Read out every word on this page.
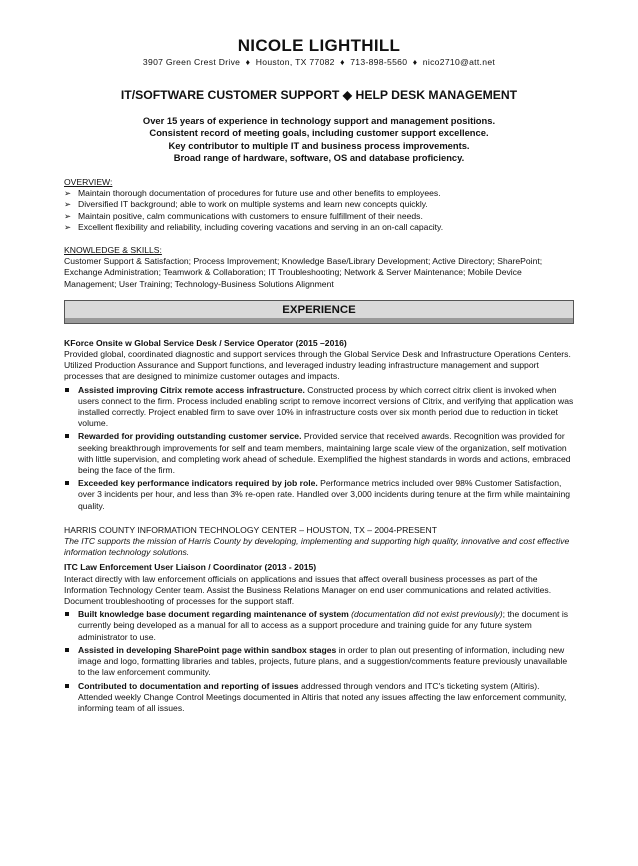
NICOLE LIGHTHILL
3907 Green Crest Drive ♦ Houston, TX 77082 ♦ 713-898-5560 ♦ nico2710@att.net
IT/SOFTWARE CUSTOMER SUPPORT ◆ HELP DESK MANAGEMENT
Over 15 years of experience in technology support and management positions.
Consistent record of meeting goals, including customer support excellence.
Key contributor to multiple IT and business process improvements.
Broad range of hardware, software, OS and database proficiency.
OVERVIEW:
➢ Maintain thorough documentation of procedures for future use and other benefits to employees.
➢ Diversified IT background; able to work on multiple systems and learn new concepts quickly.
➢ Maintain positive, calm communications with customers to ensure fulfillment of their needs.
➢ Excellent flexibility and reliability, including covering vacations and serving in an on-call capacity.
KNOWLEDGE & SKILLS:
Customer Support & Satisfaction; Process Improvement; Knowledge Base/Library Development; Active Directory; SharePoint; Exchange Administration; Teamwork & Collaboration; IT Troubleshooting; Network & Server Maintenance; Mobile Device Management; User Training; Technology-Business Solutions Alignment
EXPERIENCE
KForce Onsite w Global Service Desk / Service Operator (2015 –2016)

Provided global, coordinated diagnostic and support services through the Global Service Desk and Infrastructure Operations Centers. Utilized Production Assurance and Support functions, and leveraged industry leading infrastructure management and support processes that are designed to minimize customer outages and impacts.

Assisted improving Citrix remote access infrastructure. Constructed process by which correct citrix client is invoked when users connect to the firm. Process included enabling script to remove incorrect versions of Citrix, and verifying that application was installed correctly. Project enabled firm to save over 10% in infrastructure costs over six month period due to reduction in ticket volume.
Rewarded for providing outstanding customer service. Provided service that received awards. Recognition was provided for seeking breakthrough improvements for self and team members, maintaining large scale view of the organization, self motivation with little supervision, and completing work ahead of schedule. Exemplified the highest standards in words and actions, embraced being the face of the firm.
Exceeded key performance indicators required by job role. Performance metrics included over 98% Customer Satisfaction, over 3 incidents per hour, and less than 3% re-open rate. Handled over 3,000 incidents during tenure at the firm while maintaining quality.
HARRIS COUNTY INFORMATION TECHNOLOGY CENTER – HOUSTON, TX – 2004-PRESENT
The ITC supports the mission of Harris County by developing, implementing and supporting high quality, innovative and cost effective information technology solutions.
ITC Law Enforcement User Liaison / Coordinator (2013 - 2015)

Interact directly with law enforcement officials on applications and issues that affect overall business processes as part of the Information Technology Center team. Assist the Business Relations Manager on end user communications and related activities. Document troubleshooting of processes for the support staff.

Built knowledge base document regarding maintenance of system (documentation did not exist previously); the document is currently being developed as a manual for all to access as a support procedure and training guide for any future system administrator to use.
Assisted in developing SharePoint page within sandbox stages in order to plan out presenting of information, including new image and logo, formatting libraries and tables, projects, future plans, and a suggestion/comments feature previously unavailable to the law enforcement community.
Contributed to documentation and reporting of issues addressed through vendors and ITC's ticketing system (Altiris). Attended weekly Change Control Meetings documented in Altiris that noted any issues affecting the law enforcement community, informing team of all issues.
